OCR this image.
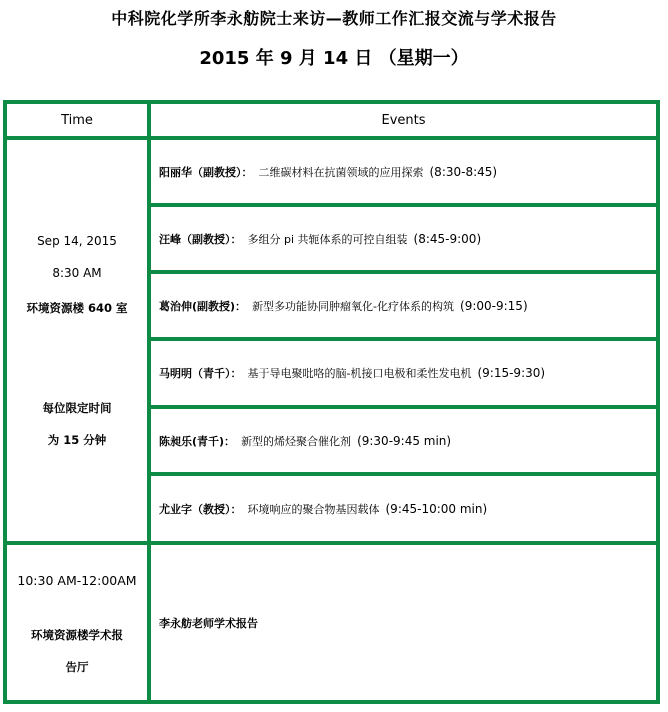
中科院化学所李永舫院士来访—教师工作汇报交流与学术报告
2015 年 9 月 14 日 （星期一）
Time	Events
Sep 14, 2015
8:30 AM
环境资源楼 640 室
每位限定时间
为 15 分钟
阳丽华（副教授）： 二维碳材料在抗菌领域的应用探索 (8:30-8:45)
汪峰（副教授）： 多组分 pi 共轭体系的可控自组装 (8:45-9:00)
葛治伸(副教授)： 新型多功能协同肿瘤氧化-化疗体系的构筑 (9:00-9:15)
马明明（青千）： 基于导电聚吡咯的脑-机接口电极和柔性发电机 (9:15-9:30)
陈昶乐(青千)： 新型的烯烃聚合催化剂 (9:30-9:45 min)
尤业字（教授）： 环境响应的聚合物基因载体 (9:45-10:00 min)
10:30 AM-12:00AM
环境资源楼学术报
告厅
李永舫老师学术报告
